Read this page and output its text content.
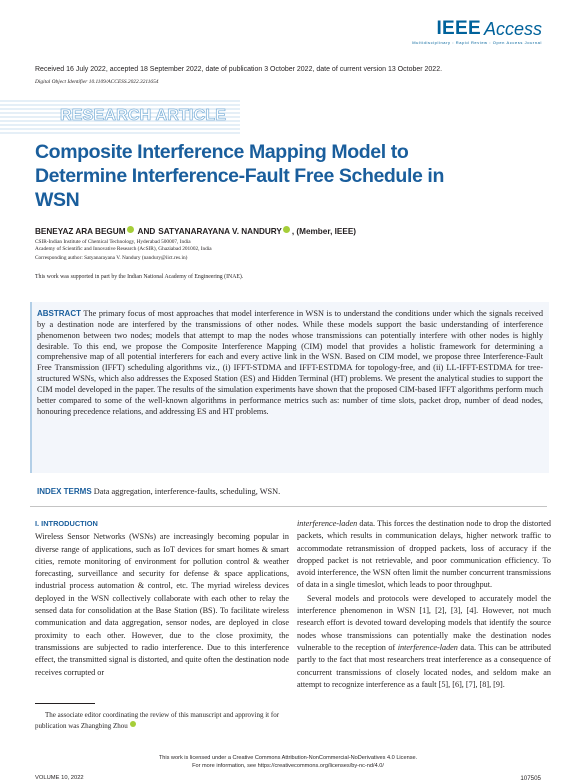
IEEE Access
Multidisciplinary : Rapid Review : Open Access Journal
Received 16 July 2022, accepted 18 September 2022, date of publication 3 October 2022, date of current version 13 October 2022.
Digital Object Identifier 10.1109/ACCESS.2022.3211654
RESEARCH ARTICLE
Composite Interference Mapping Model to Determine Interference-Fault Free Schedule in WSN
BENEYAZ ARA BEGUM AND SATYANARAYANA V. NANDURY , (Member, IEEE)
CSIR-Indian Institute of Chemical Technology, Hyderabad 500007, India
Academy of Scientific and Innovative Research (AcSIR), Ghaziabad 201002, India
Corresponding author: Satyanarayana V. Nandury (nandury@iict.res.in)
This work was supported in part by the Indian National Academy of Engineering (INAE).
ABSTRACT The primary focus of most approaches that model interference in WSN is to understand the conditions under which the signals received by a destination node are interfered by the transmissions of other nodes. While these models support the basic understanding of interference phenomenon between two nodes; models that attempt to map the nodes whose transmissions can potentially interfere with other nodes is highly desirable. To this end, we propose the Composite Interference Mapping (CIM) model that provides a holistic framework for determining a comprehensive map of all potential interferers for each and every active link in the WSN. Based on CIM model, we propose three Interference-Fault Free Transmission (IFFT) scheduling algorithms viz., (i) IFFT-STDMA and IFFT-ESTDMA for topology-free, and (ii) LL-IFFT-ESTDMA for tree-structured WSNs, which also addresses the Exposed Station (ES) and Hidden Terminal (HT) problems. We present the analytical studies to support the CIM model developed in the paper. The results of the simulation experiments have shown that the proposed CIM-based IFFT algorithms perform much better compared to some of the well-known algorithms in performance metrics such as: number of time slots, packet drop, number of dead nodes, honouring precedence relations, and addressing ES and HT problems.
INDEX TERMS Data aggregation, interference-faults, scheduling, WSN.
I. INTRODUCTION

Wireless Sensor Networks (WSNs) are increasingly becoming popular in diverse range of applications, such as IoT devices for smart homes & smart cities, remote monitoring of environment for pollution control & weather forecasting, surveillance and security for defense & space applications, industrial process automation & control, etc. The myriad wireless devices deployed in the WSN collectively collaborate with each other to relay the sensed data for consolidation at the Base Station (BS). To facilitate wireless communication and data aggregation, sensor nodes, are deployed in close proximity to each other. However, due to the close proximity, the transmissions are subjected to radio interference. Due to this interference effect, the transmitted signal is distorted, and quite often the destination node receives corrupted or

interference-laden data. This forces the destination node to drop the distorted packets, which results in communication delays, higher network traffic to accommodate retransmission of dropped packets, loss of accuracy if the dropped packet is not retrievable, and poor communication efficiency. To avoid interference, the WSN often limit the number concurrent transmissions of data in a single timeslot, which leads to poor throughput.

Several models and protocols were developed to accurately model the interference phenomenon in WSN [1], [2], [3], [4]. However, not much research effort is devoted toward developing models that identify the source nodes whose transmissions can potentially make the destination nodes vulnerable to the reception of interference-laden data. This can be attributed partly to the fact that most researchers treat interference as a consequence of concurrent transmissions of closely located nodes, and seldom make an attempt to recognize interference as a fault [5], [6], [7], [8], [9].

The associate editor coordinating the review of this manuscript and approving it for publication was Zhangbing Zhou
This work is licensed under a Creative Commons Attribution-NonCommercial-NoDerivatives 4.0 License.
For more information, see https://creativecommons.org/licenses/by-nc-nd/4.0/
VOLUME 10, 2022	107505
